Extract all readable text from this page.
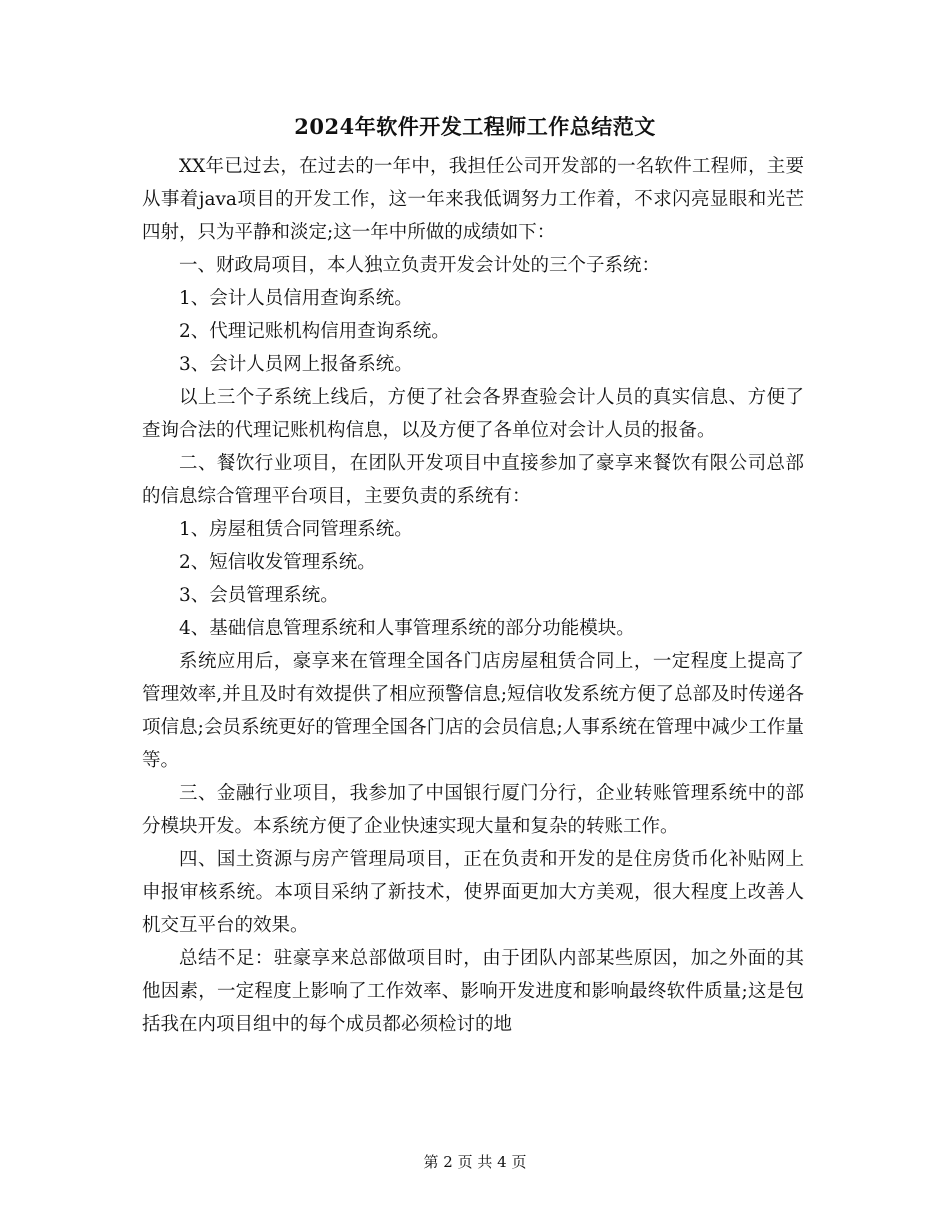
2024年软件开发工程师工作总结范文

XX年已过去，在过去的一年中，我担任公司开发部的一名软件工程师，主要从事着java项目的开发工作，这一年来我低调努力工作着，不求闪亮显眼和光芒四射，只为平静和淡定;这一年中所做的成绩如下：

一、财政局项目，本人独立负责开发会计处的三个子系统：

1、会计人员信用查询系统。

2、代理记账机构信用查询系统。

3、会计人员网上报备系统。

以上三个子系统上线后，方便了社会各界查验会计人员的真实信息、方便了查询合法的代理记账机构信息，以及方便了各单位对会计人员的报备。

二、餐饮行业项目，在团队开发项目中直接参加了豪享来餐饮有限公司总部的信息综合管理平台项目，主要负责的系统有：

1、房屋租赁合同管理系统。

2、短信收发管理系统。

3、会员管理系统。

4、基础信息管理系统和人事管理系统的部分功能模块。

系统应用后，豪享来在管理全国各门店房屋租赁合同上，一定程度上提高了管理效率,并且及时有效提供了相应预警信息;短信收发系统方便了总部及时传递各项信息;会员系统更好的管理全国各门店的会员信息;人事系统在管理中减少工作量等。

三、金融行业项目，我参加了中国银行厦门分行，企业转账管理系统中的部分模块开发。本系统方便了企业快速实现大量和复杂的转账工作。

四、国土资源与房产管理局项目，正在负责和开发的是住房货币化补贴网上申报审核系统。本项目采纳了新技术，使界面更加大方美观，很大程度上改善人机交互平台的效果。

总结不足：驻豪享来总部做项目时，由于团队内部某些原因，加之外面的其他因素，一定程度上影响了工作效率、影响开发进度和影响最终软件质量;这是包括我在内项目组中的每个成员都必须检讨的地

第 2 页 共 4 页
